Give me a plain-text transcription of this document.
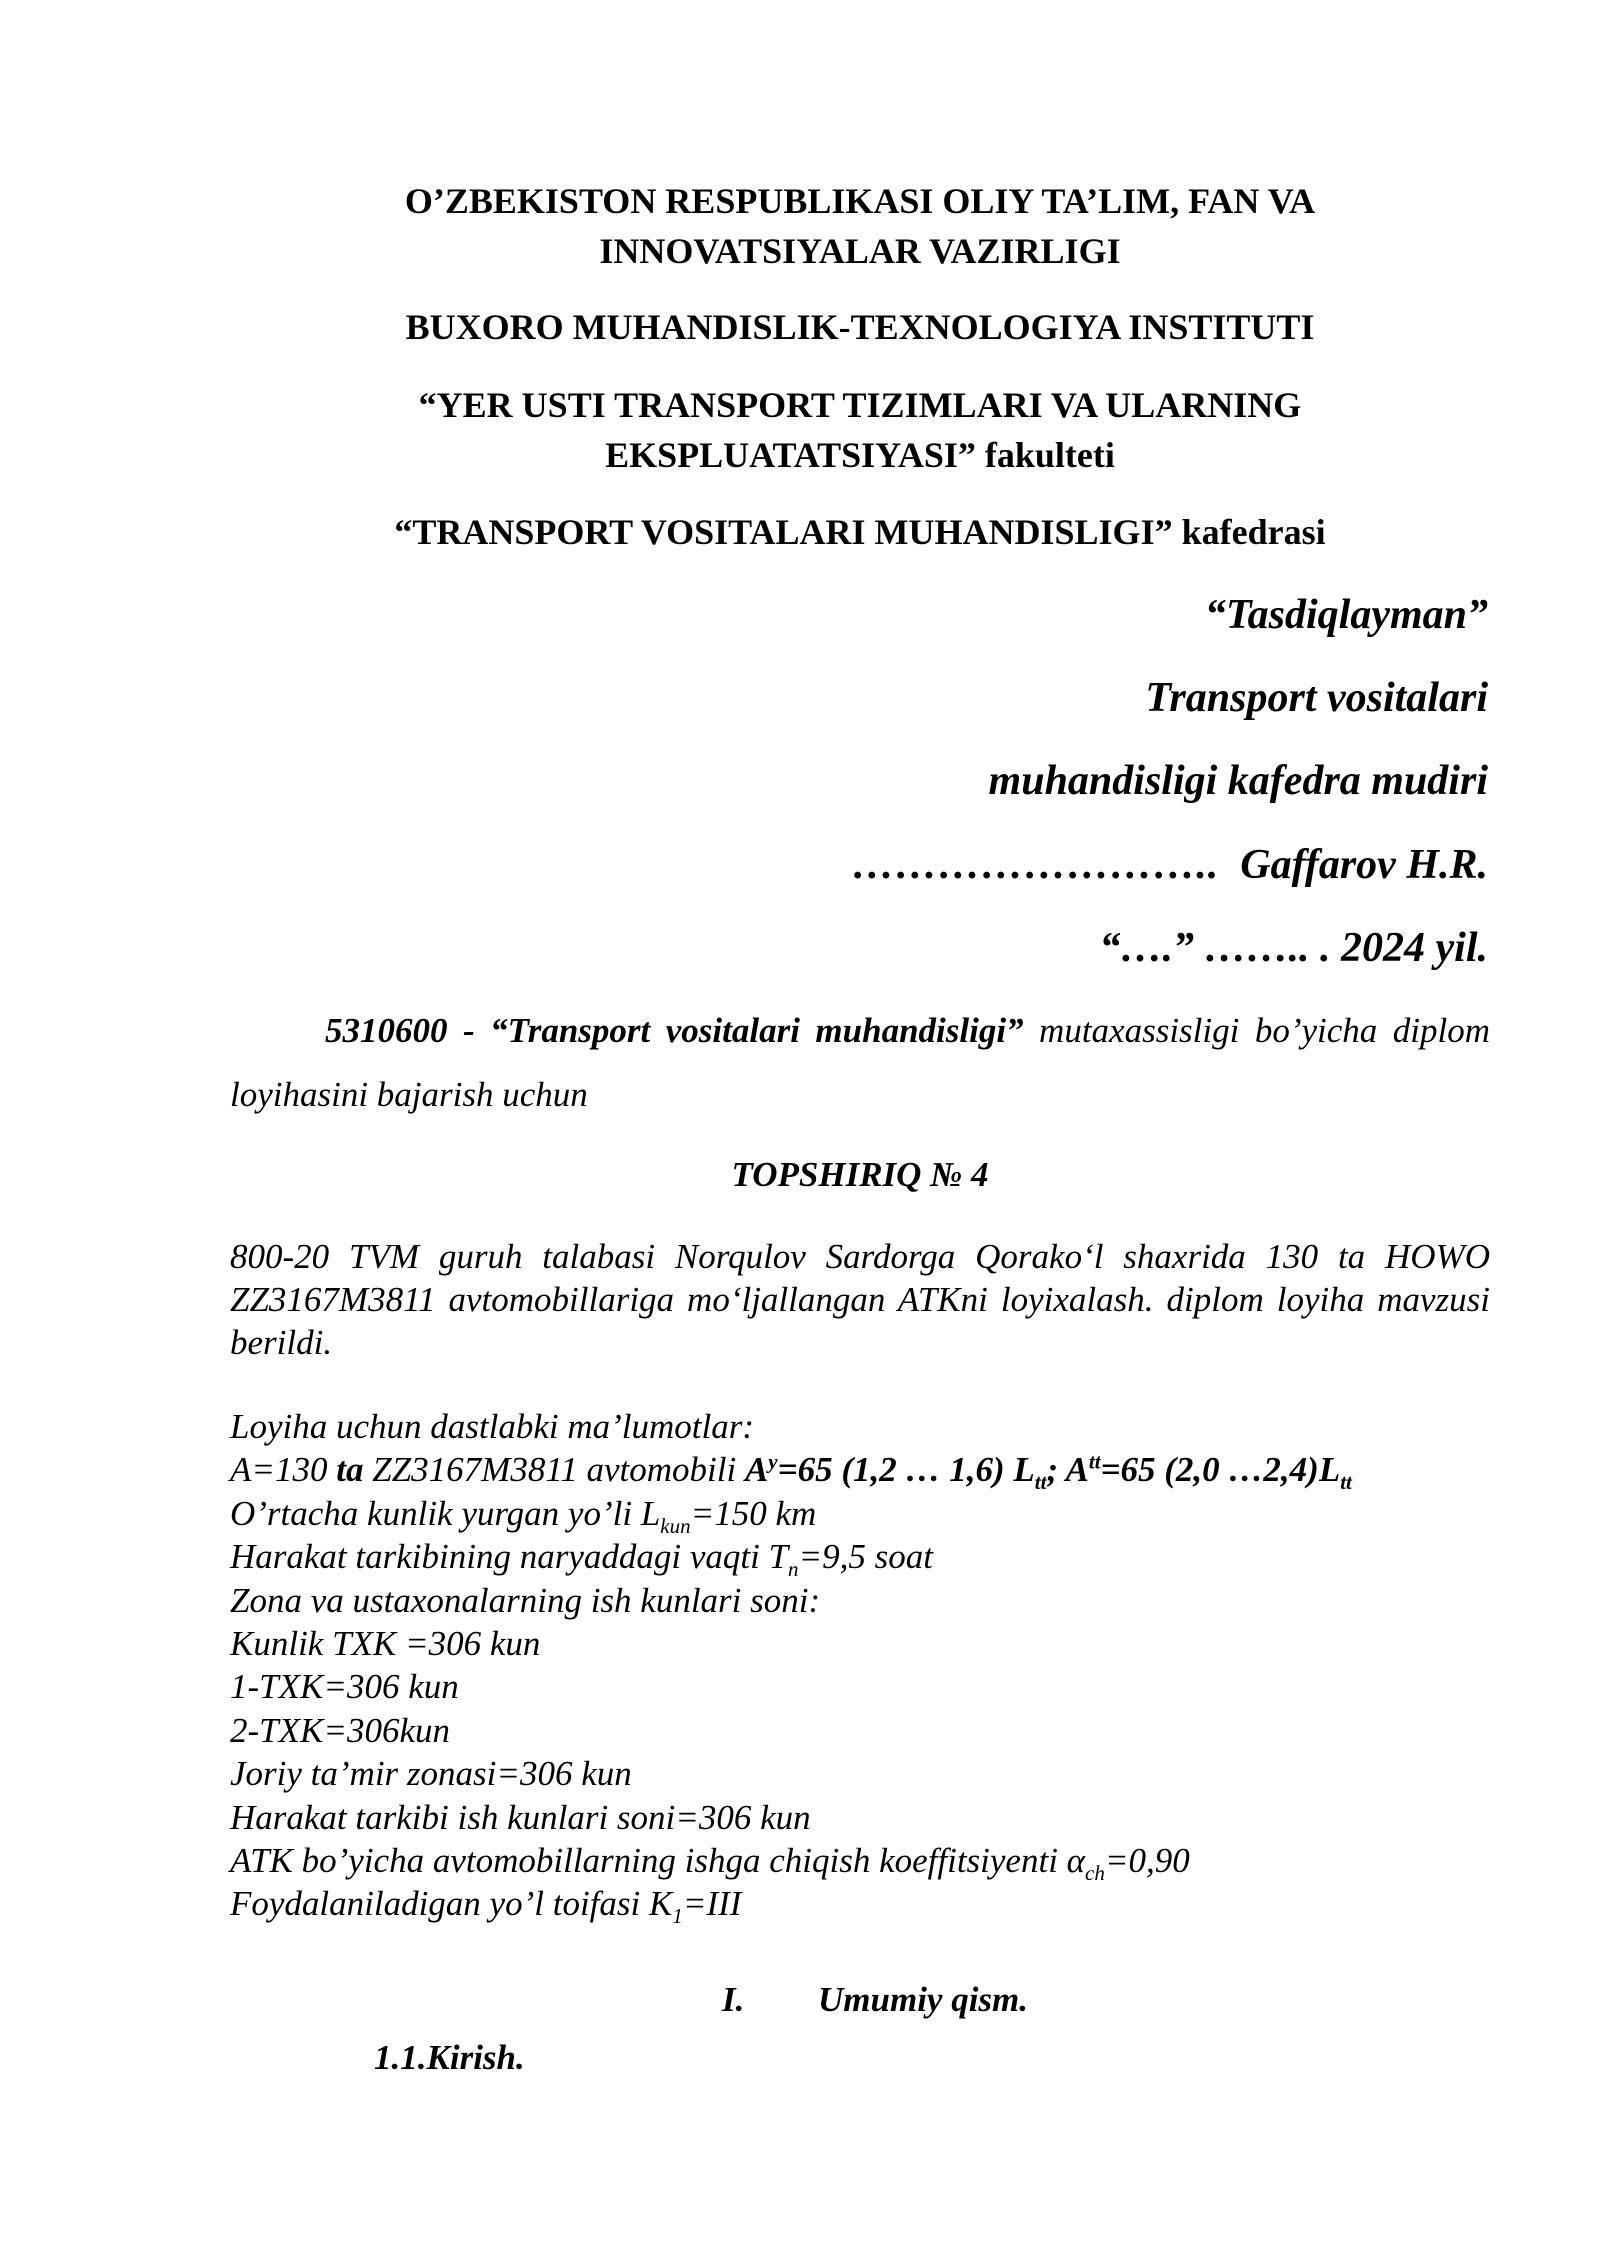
O’ZBEKISTON RESPUBLIKASI OLIY TA’LIM, FAN VA
INNOVATSIYALAR VAZIRLIGI
BUXORO MUHANDISLIK-TEXNOLOGIYA INSTITUTI
“YER USTI TRANSPORT TIZIMLARI VA ULARNING
EKSPLUATATSIYASI” fakulteti
“TRANSPORT VOSITALARI MUHANDISLIGI” kafedrasi
“Tasdiqlayman”
Transport vositalari
muhandisligi kafedra mudiri
…………………….. Gaffarov H.R.
“….” …….. . 2024 yil.
5310600 - “Transport vositalari muhandisligi” mutaxassisligi bo’yicha diplom loyihasini bajarish uchun
TOPSHIRIQ № 4
800-20 TVM guruh talabasi Norqulov Sardorga Qorako‘l shaxrida 130 ta HOWO ZZ3167M3811 avtomobillariga mo‘ljallangan ATKni loyixalash. diplom loyiha mavzusi berildi.
Loyiha uchun dastlabki ma’lumotlar:
A=130 ta ZZ3167M3811 avtomobili $A^y=65$ (1,2 … 1,6) $L_{tt}$; $A^{tt}=65$ (2,0 $\dots 2,4)L_{tt}$
O’rtacha kunlik yurgan yo’li $L_{kun}=150$ km
Harakat tarkibining naryaddagi vaqti $T_n=9,5$ soat
Zona va ustaxonalarning ish kunlari soni:
Kunlik TXK =306 kun
1-TXK=306 kun
2-TXK=306kun
Joriy ta’mir zonasi=306 kun
Harakat tarkibi ish kunlari soni=306 kun
ATK bo’yicha avtomobillarning ishga chiqish koeffitsiyenti $\alpha_{ch}=0,90$
Foydalaniladigan yo’l toifasi $K_1=III$
I. Umumiy qism.
1.1.Kirish.
